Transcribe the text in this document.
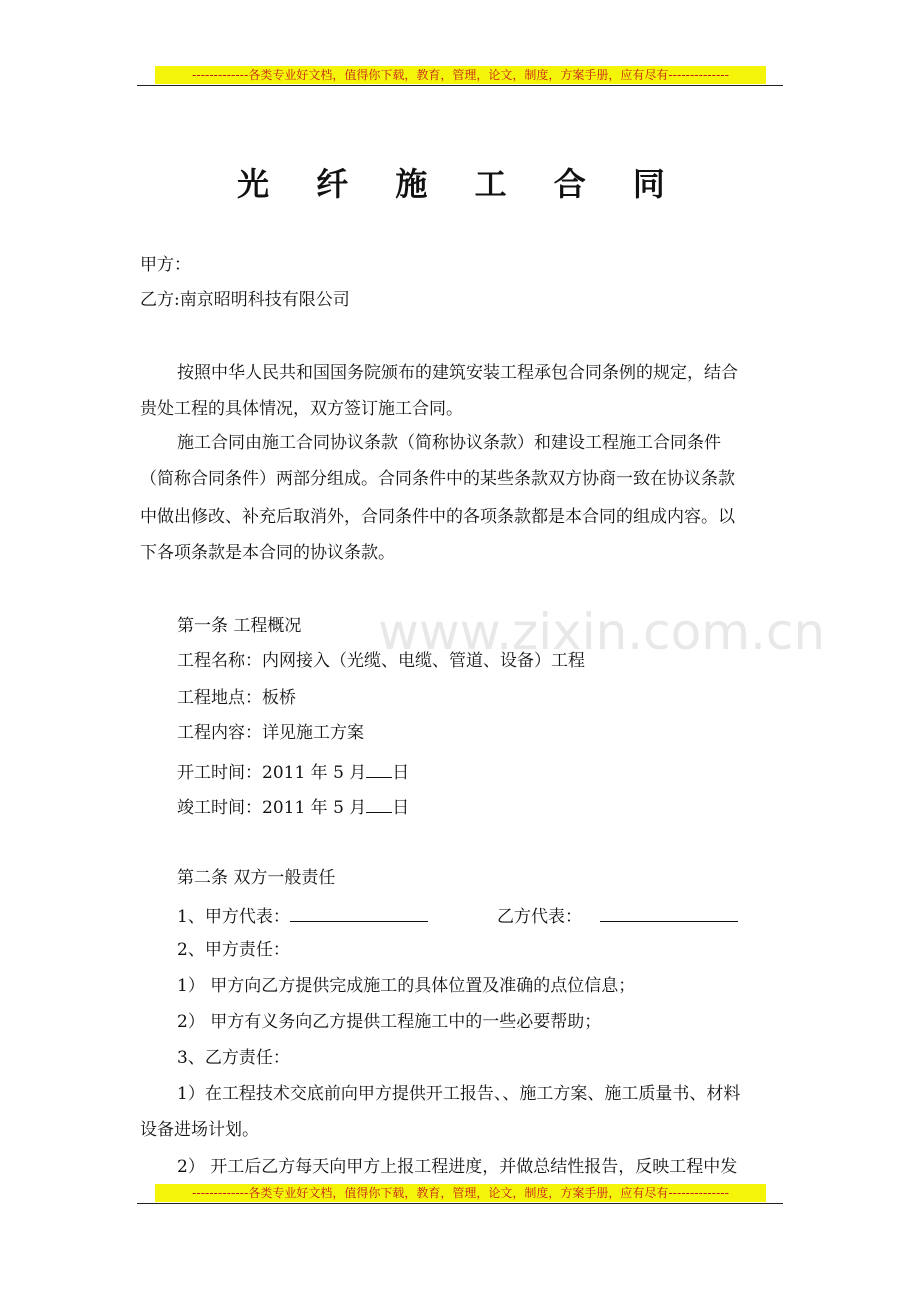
-------------各类专业好文档，值得你下载，教育，管理，论文，制度，方案手册，应有尽有--------------
光 纤 施 工 合 同
甲方：
乙方:南京昭明科技有限公司
www.zixin.com.cn
按照中华人民共和国国务院颁布的建筑安装工程承包合同条例的规定，结合
贵处工程的具体情况，双方签订施工合同。
施工合同由施工合同协议条款（简称协议条款）和建设工程施工合同条件
（简称合同条件）两部分组成。合同条件中的某些条款双方协商一致在协议条款
中做出修改、补充后取消外，合同条件中的各项条款都是本合同的组成内容。以
下各项条款是本合同的协议条款。
第一条 工程概况
工程名称：内网接入（光缆、电缆、管道、设备）工程
工程地点：板桥
工程内容：详见施工方案
开工时间：2011 年 5 月 日
竣工时间：2011 年 5 月 日
第二条 双方一般责任
1、甲方代表：	乙方代表：
2、甲方责任：
1） 甲方向乙方提供完成施工的具体位置及准确的点位信息；
2） 甲方有义务向乙方提供工程施工中的一些必要帮助；
3、乙方责任：
1）在工程技术交底前向甲方提供开工报告、、施工方案、施工质量书、材料
设备进场计划。
2） 开工后乙方每天向甲方上报工程进度，并做总结性报告，反映工程中发
-------------各类专业好文档，值得你下载，教育，管理，论文，制度，方案手册，应有尽有--------------
